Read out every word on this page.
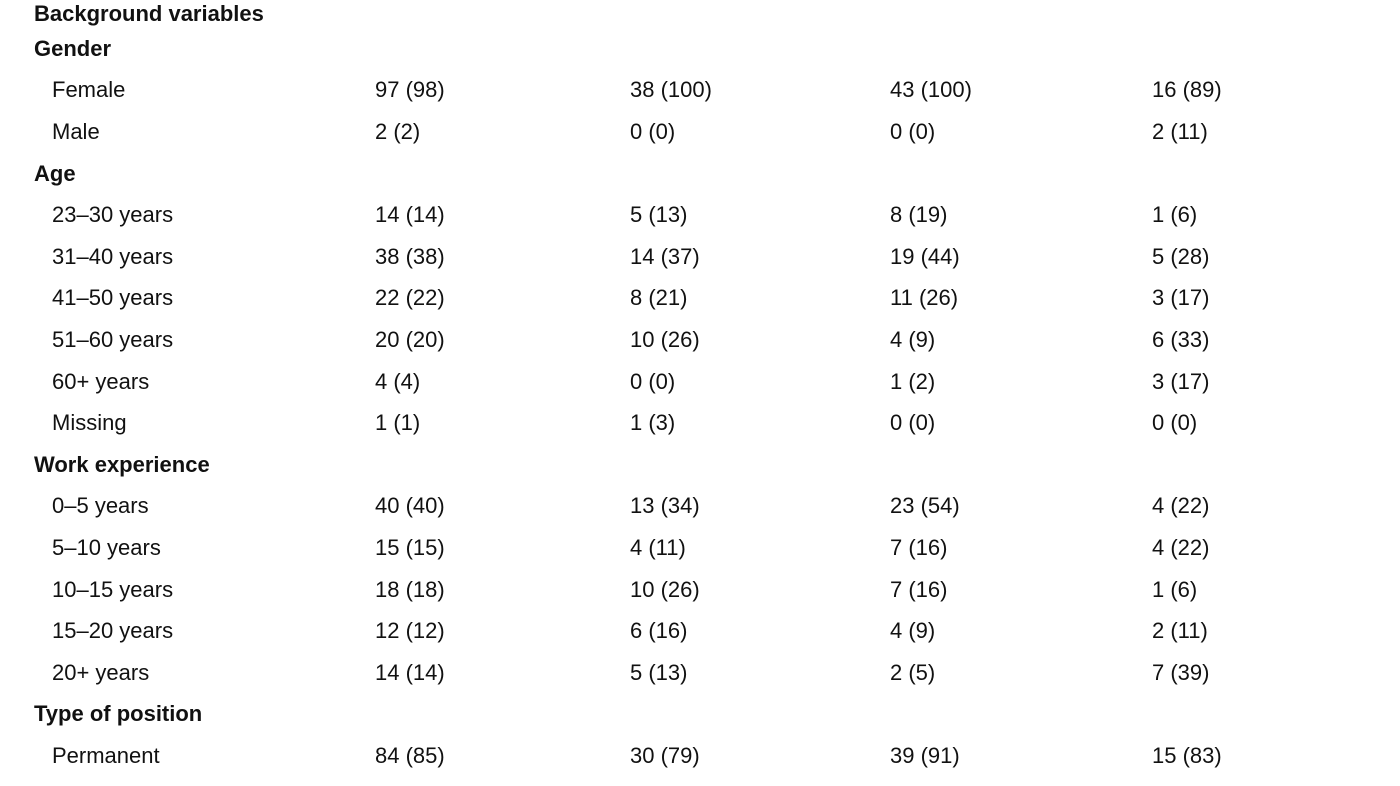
Background variables
Gender
Female	97 (98)	38 (100)	43 (100)	16 (89)
Male	2 (2)	0 (0)	0 (0)	2 (11)
Age
23–30 years	14 (14)	5 (13)	8 (19)	1 (6)
31–40 years	38 (38)	14 (37)	19 (44)	5 (28)
41–50 years	22 (22)	8 (21)	11 (26)	3 (17)
51–60 years	20 (20)	10 (26)	4 (9)	6 (33)
60+ years	4 (4)	0 (0)	1 (2)	3 (17)
Missing	1 (1)	1 (3)	0 (0)	0 (0)
Work experience
0–5 years	40 (40)	13 (34)	23 (54)	4 (22)
5–10 years	15 (15)	4 (11)	7 (16)	4 (22)
10–15 years	18 (18)	10 (26)	7 (16)	1 (6)
15–20 years	12 (12)	6 (16)	4 (9)	2 (11)
20+ years	14 (14)	5 (13)	2 (5)	7 (39)
Type of position
Permanent	84 (85)	30 (79)	39 (91)	15 (83)
